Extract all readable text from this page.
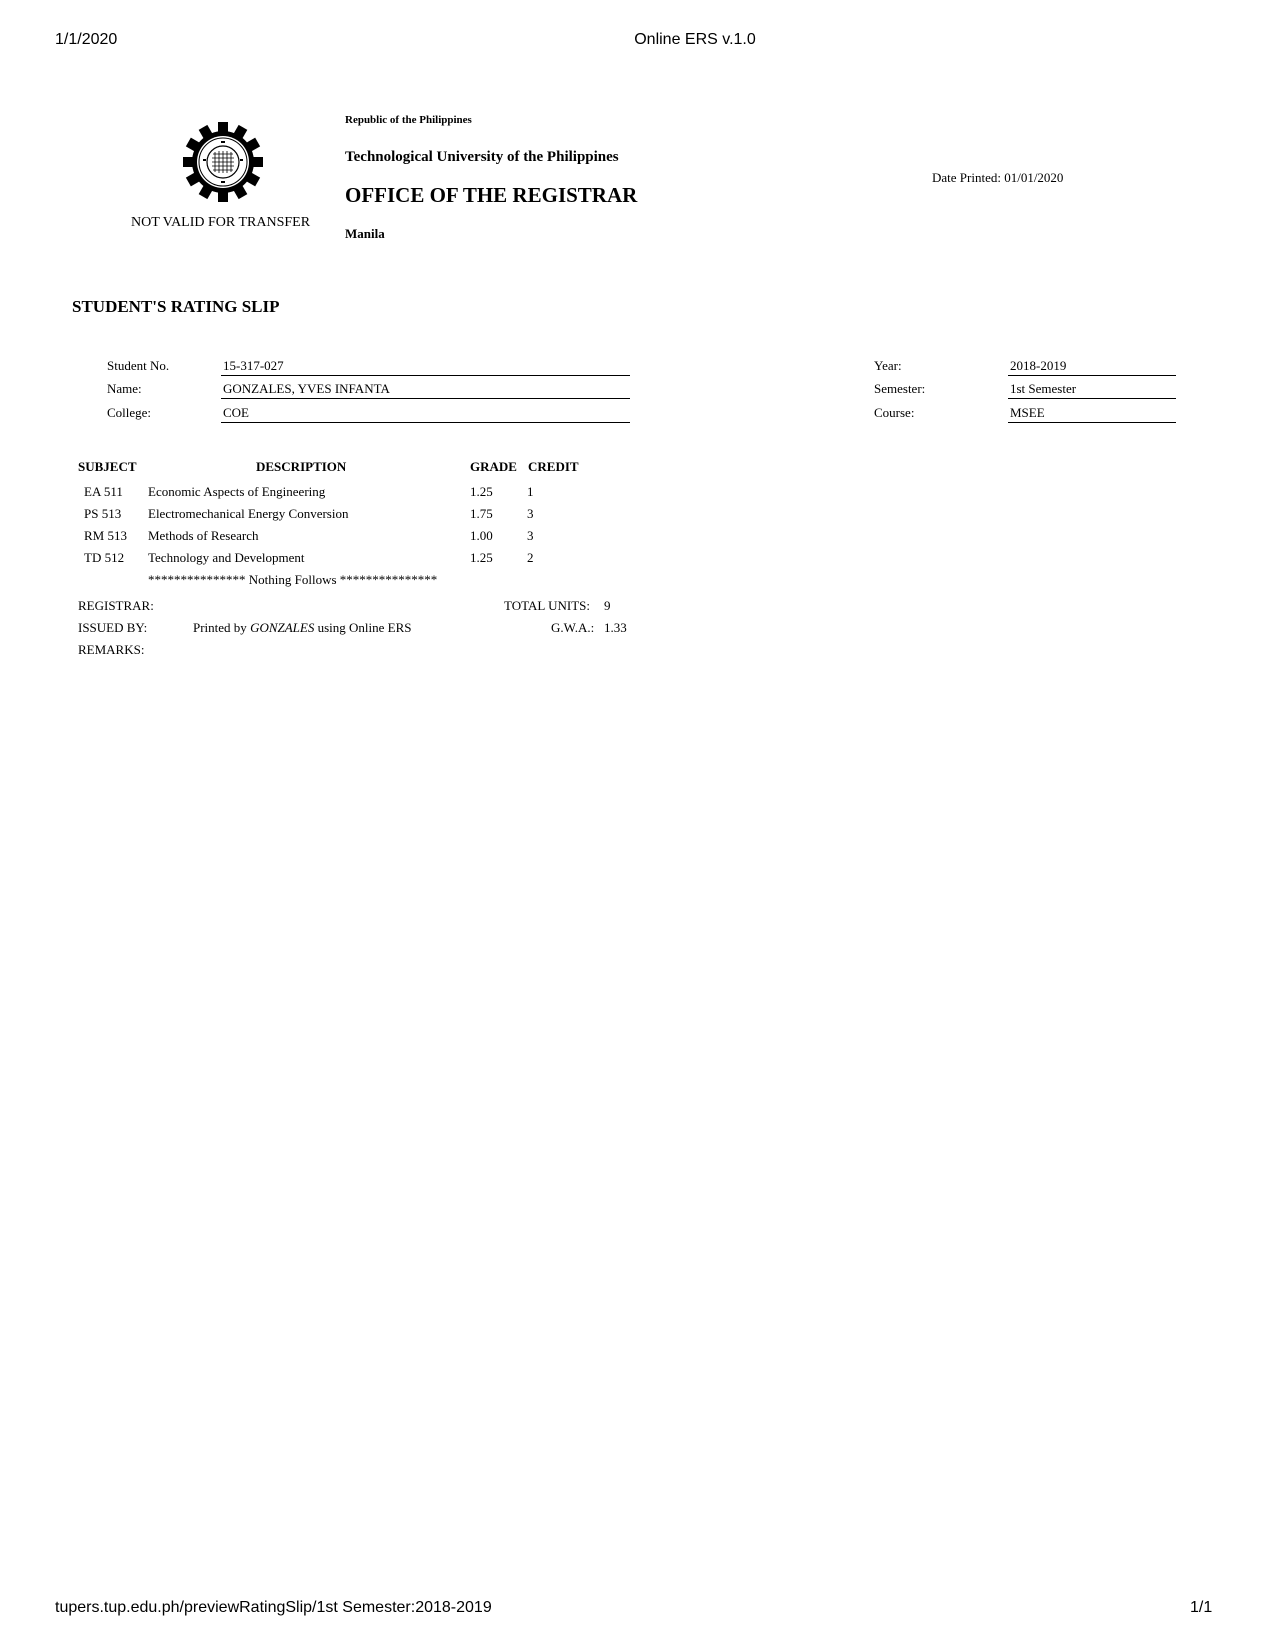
1/1/2020	Online ERS v.1.0
tupers.tup.edu.ph/previewRatingSlip/1st Semester:2018-2019	1/1
NOT VALID FOR TRANSFER
Republic of the Philippines
Technological University of the Philippines
OFFICE OF THE REGISTRAR
Manila
Date Printed: 01/01/2020
STUDENT'S RATING SLIP
Student No.	15-317-027
Name:	GONZALES, YVES INFANTA
College:	COE
Year:	2018-2019
Semester:	1st Semester
Course:	MSEE
SUBJECT	DESCRIPTION	GRADE CREDIT
EA 511 Economic Aspects of Engineering	1.25	1
PS 513 Electromechanical Energy Conversion	1.75	3
RM 513 Methods of Research	1.00	3
TD 512 Technology and Development	1.25	2
*************** Nothing Follows ***************
REGISTRAR:
ISSUED BY:	Printed by GONZALES using Online ERS
REMARKS:
TOTAL UNITS: 9
G.W.A.: 1.33
